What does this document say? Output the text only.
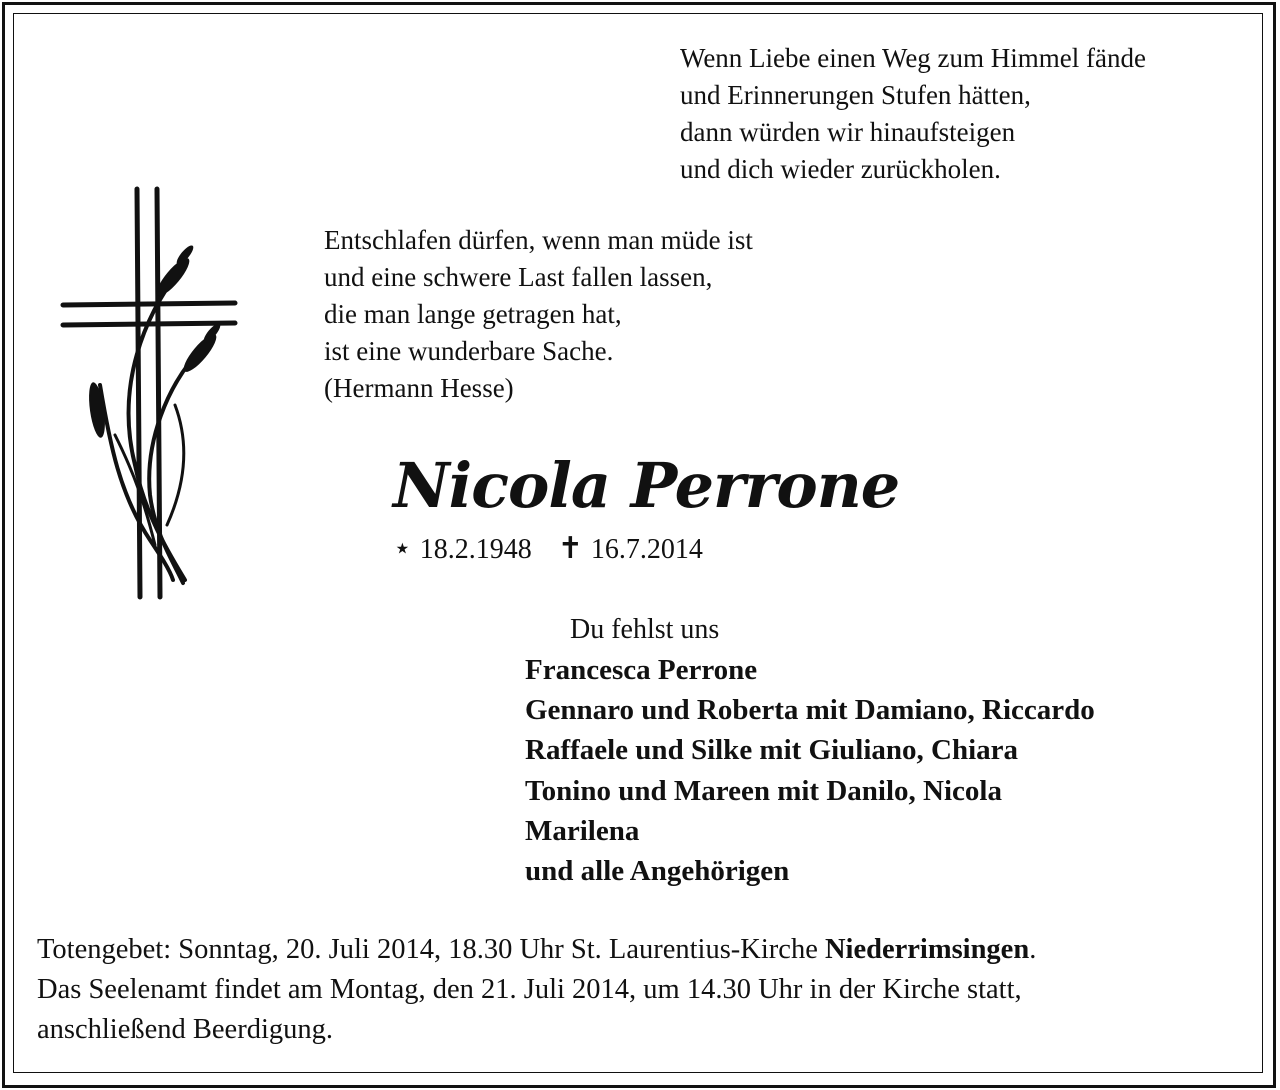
Wenn Liebe einen Weg zum Himmel fände
und Erinnerungen Stufen hätten,
dann würden wir hinaufsteigen
und dich wieder zurückholen.
Entschlafen dürfen, wenn man müde ist
und eine schwere Last fallen lassen,
die man lange getragen hat,
ist eine wunderbare Sache.
(Hermann Hesse)
Nicola Perrone
⋆ 18.2.1948 ✝ 16.7.2014
Du fehlst uns
Francesca Perrone
Gennaro und Roberta mit Damiano, Riccardo
Raffaele und Silke mit Giuliano, Chiara
Tonino und Mareen mit Danilo, Nicola
Marilena
und alle Angehörigen
Totengebet: Sonntag, 20. Juli 2014, 18.30 Uhr St. Laurentius-Kirche Niederrimsingen.
Das Seelenamt findet am Montag, den 21. Juli 2014, um 14.30 Uhr in der Kirche statt,
anschließend Beerdigung.
